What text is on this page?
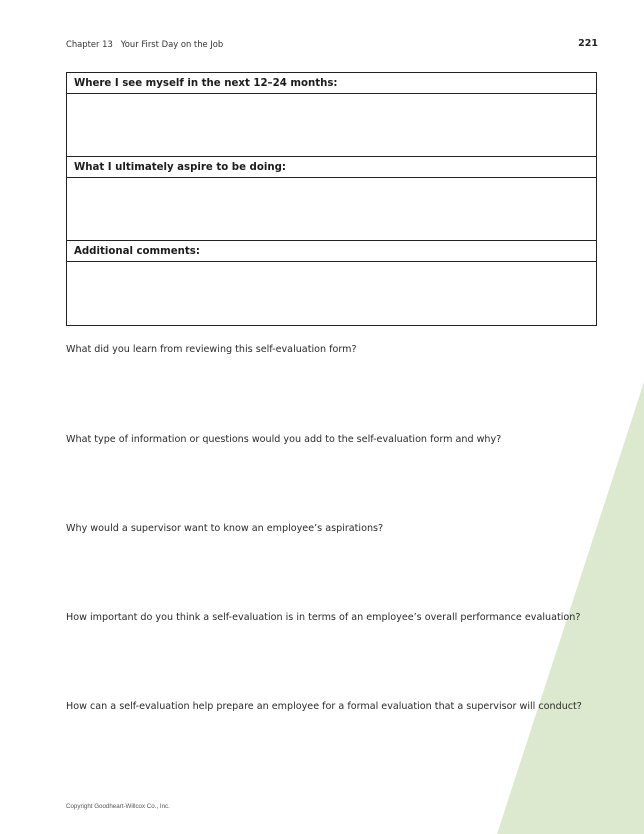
Chapter 13   Your First Day on the Job	221
Where I see myself in the next 12–24 months:
What I ultimately aspire to be doing:
Additional comments:
What did you learn from reviewing this self-evaluation form?
What type of information or questions would you add to the self-evaluation form and why?
Why would a supervisor want to know an employee’s aspirations?
How important do you think a self-evaluation is in terms of an employee’s overall performance evaluation?
How can a self-evaluation help prepare an employee for a formal evaluation that a supervisor will conduct?
Copyright Goodheart-Willcox Co., Inc.
